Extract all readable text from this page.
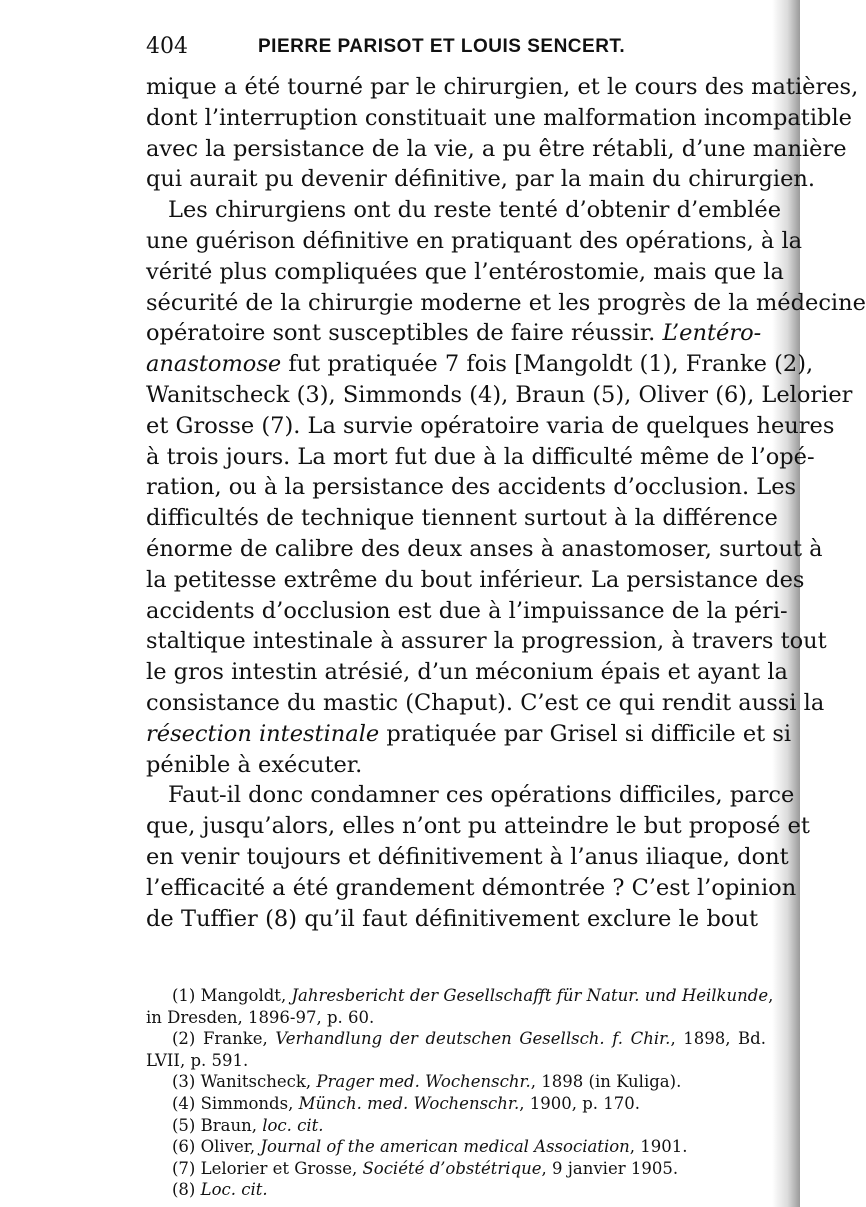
404	PIERRE PARISOT ET LOUIS SENCERT.
mique a été tourné par le chirurgien, et le cours des matières,
dont l’interruption constituait une malformation incompatible
avec la persistance de la vie, a pu être rétabli, d’une manière
qui aurait pu devenir définitive, par la main du chirurgien.
Les chirurgiens ont du reste tenté d’obtenir d’emblée
une guérison définitive en pratiquant des opérations, à la
vérité plus compliquées que l’entérostomie, mais que la
sécurité de la chirurgie moderne et les progrès de la médecine
opératoire sont susceptibles de faire réussir. L’entéro-
anastomose fut pratiquée 7 fois [Mangoldt (1), Franke (2),
Wanitscheck (3), Simmonds (4), Braun (5), Oliver (6), Lelorier
et Grosse (7). La survie opératoire varia de quelques heures
à trois jours. La mort fut due à la difficulté même de l’opé-
ration, ou à la persistance des accidents d’occlusion. Les
difficultés de technique tiennent surtout à la différence
énorme de calibre des deux anses à anastomoser, surtout à
la petitesse extrême du bout inférieur. La persistance des
accidents d’occlusion est due à l’impuissance de la péri-
staltique intestinale à assurer la progression, à travers tout
le gros intestin atrésié, d’un méconium épais et ayant la
consistance du mastic (Chaput). C’est ce qui rendit aussi la
résection intestinale pratiquée par Grisel si difficile et si
pénible à exécuter.
Faut-il donc condamner ces opérations difficiles, parce
que, jusqu’alors, elles n’ont pu atteindre le but proposé et
en venir toujours et définitivement à l’anus iliaque, dont
l’efficacité a été grandement démontrée ? C’est l’opinion
de Tuffier (8) qu’il faut définitivement exclure le bout
(1) Mangoldt, Jahresbericht der Gesellschafft für Natur. und Heilkunde,
in Dresden, 1896-97, p. 60.
(2) Franke, Verhandlung der deutschen Gesellsch. f. Chir., 1898, Bd.
LVII, p. 591.
(3) Wanitscheck, Prager med. Wochenschr., 1898 (in Kuliga).
(4) Simmonds, Münch. med. Wochenschr., 1900, p. 170.
(5) Braun, loc. cit.
(6) Oliver, Journal of the american medical Association, 1901.
(7) Lelorier et Grosse, Société d’obstétrique, 9 janvier 1905.
(8) Loc. cit.
